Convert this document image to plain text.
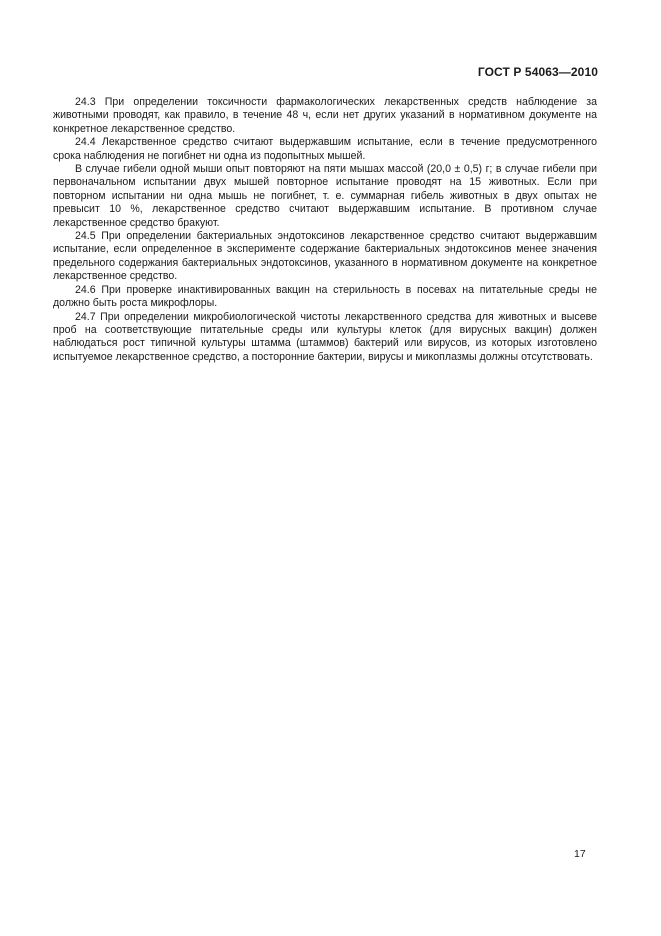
ГОСТ Р 54063—2010

24.3 При определении токсичности фармакологических лекарственных средств наблюдение за животными проводят, как правило, в течение 48 ч, если нет других указаний в нормативном документе на конкретное лекарственное средство.

24.4 Лекарственное средство считают выдержавшим испытание, если в течение предусмотренного срока наблюдения не погибнет ни одна из подопытных мышей.

В случае гибели одной мыши опыт повторяют на пяти мышах массой (20,0 ± 0,5) г; в случае гибели при первоначальном испытании двух мышей повторное испытание проводят на 15 животных. Если при повторном испытании ни одна мышь не погибнет, т. е. суммарная гибель животных в двух опытах не превысит 10 %, лекарственное средство считают выдержавшим испытание. В противном случае лекарственное средство бракуют.

24.5 При определении бактериальных эндотоксинов лекарственное средство считают выдержавшим испытание, если определенное в эксперименте содержание бактериальных эндотоксинов менее значения предельного содержания бактериальных эндотоксинов, указанного в нормативном документе на конкретное лекарственное средство.

24.6 При проверке инактивированных вакцин на стерильность в посевах на питательные среды не должно быть роста микрофлоры.

24.7 При определении микробиологической чистоты лекарственного средства для животных и высеве проб на соответствующие питательные среды или культуры клеток (для вирусных вакцин) должен наблюдаться рост типичной культуры штамма (штаммов) бактерий или вирусов, из которых изготовлено испытуемое лекарственное средство, а посторонние бактерии, вирусы и микоплазмы должны отсутствовать.

17
